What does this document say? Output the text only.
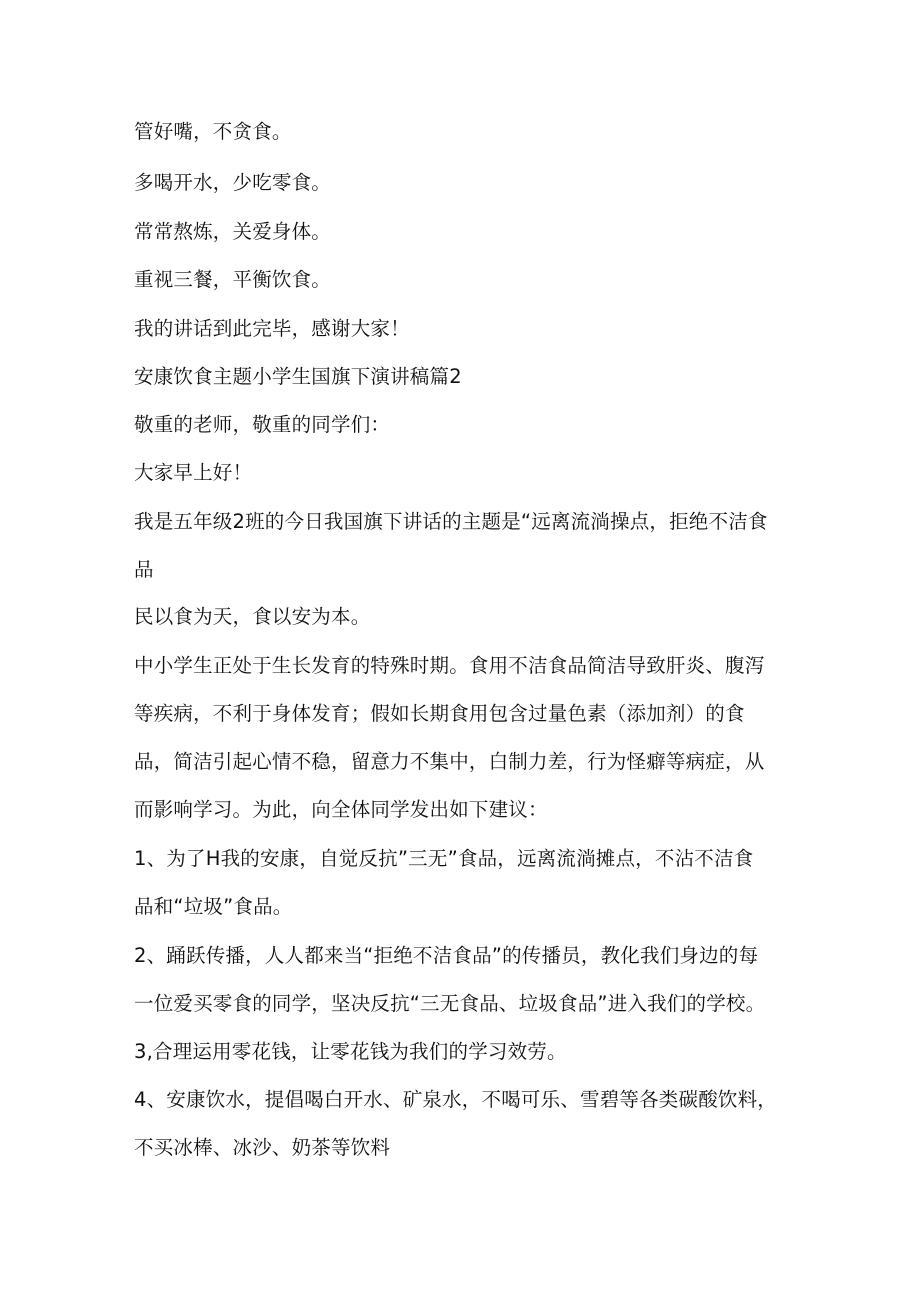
管好嘴，不贪食。
多喝开水，少吃零食。
常常熬炼，关爱身体。
重视三餐，平衡饮食。
我的讲话到此完毕，感谢大家！
安康饮食主题小学生国旗下演讲稿篇2
敬重的老师，敬重的同学们：
大家早上好！
我是五年级2班的今日我国旗下讲话的主题是“远离流淌操点，拒绝不洁食
品
民以食为天，食以安为本。
中小学生正处于生长发育的特殊时期。食用不洁食品简洁导致肝炎、腹泻
等疾病，不利于身体发育；假如长期食用包含过量色素（添加剂）的食
品，简洁引起心情不稳，留意力不集中，白制力差，行为怪癖等病症，从
而影响学习。为此，向全体同学发出如下建议：
1、为了H我的安康，自觉反抗”三无”食品，远离流淌摊点，不沾不洁食
品和“垃圾”食品。
2、踊跃传播，人人都来当“拒绝不洁食品”的传播员，教化我们身边的每
一位爱买零食的同学，坚决反抗“三无食品、垃圾食品”进入我们的学校。
3,合理运用零花钱，让零花钱为我们的学习效劳。
4、安康饮水，提倡喝白开水、矿泉水，不喝可乐、雪碧等各类碳酸饮料，
不买冰棒、冰沙、奶茶等饮料
